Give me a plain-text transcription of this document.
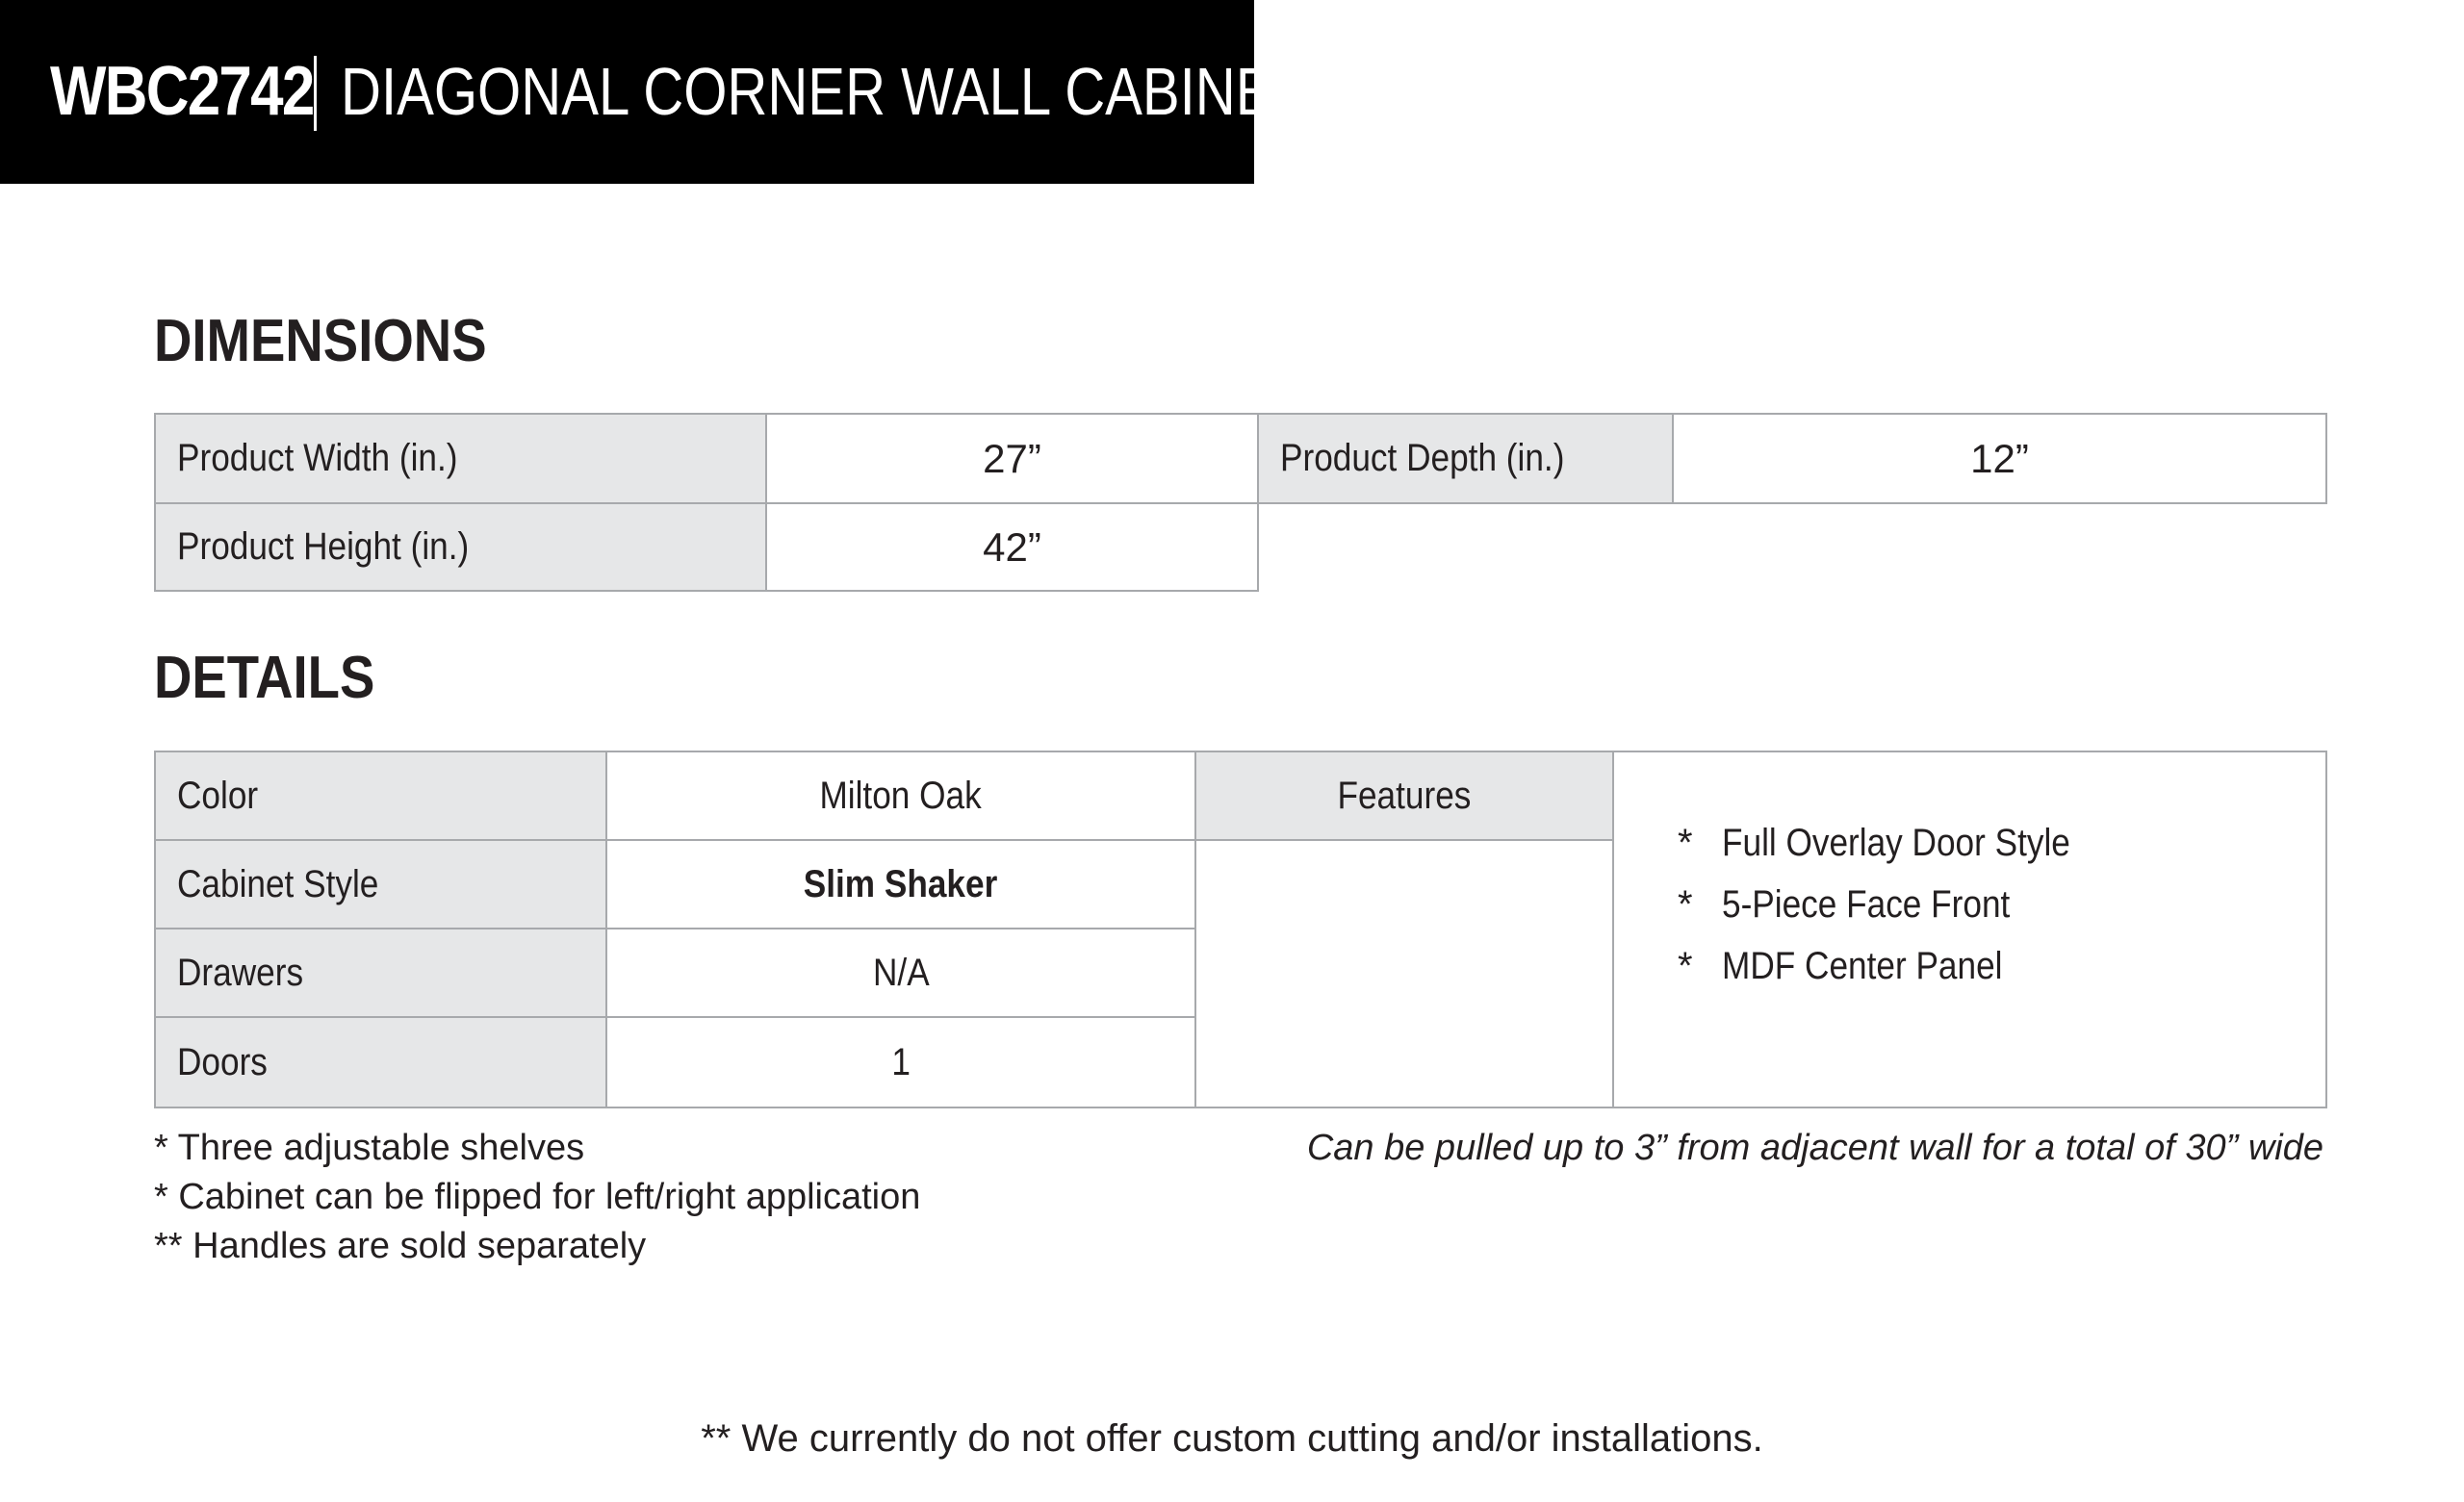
WBC2742 DIAGONAL CORNER WALL CABINET
DIMENSIONS
Product Width (in.)	27”	Product Depth (in.)	12”
Product Height (in.)	42”
DETAILS
Color	Milton Oak
Cabinet Style	Slim Shaker
Drawers	N/A
Doors	1
Features
* Full Overlay Door Style
* 5-Piece Face Front
* MDF Center Panel
* Three adjustable shelves
* Cabinet can be flipped for left/right application
** Handles are sold separately
Can be pulled up to 3” from adjacent wall for a total of 30” wide
** We currently do not offer custom cutting and/or installations.
